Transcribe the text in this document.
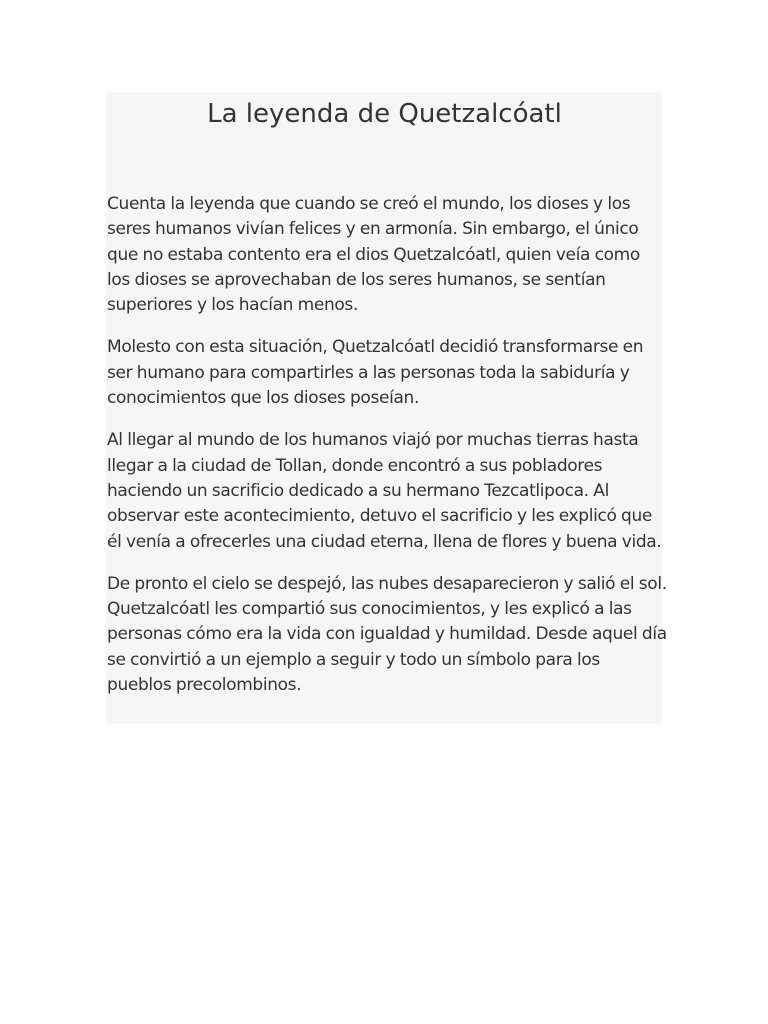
La leyenda de Quetzalcóatl

Cuenta la leyenda que cuando se creó el mundo, los dioses y los seres humanos vivían felices y en armonía. Sin embargo, el único que no estaba contento era el dios Quetzalcóatl, quien veía como los dioses se aprovechaban de los seres humanos, se sentían superiores y los hacían menos.

Molesto con esta situación, Quetzalcóatl decidió transformarse en ser humano para compartirles a las personas toda la sabiduría y conocimientos que los dioses poseían.

Al llegar al mundo de los humanos viajó por muchas tierras hasta llegar a la ciudad de Tollan, donde encontró a sus pobladores haciendo un sacrificio dedicado a su hermano Tezcatlipoca. Al observar este acontecimiento, detuvo el sacrificio y les explicó que él venía a ofrecerles una ciudad eterna, llena de flores y buena vida.

De pronto el cielo se despejó, las nubes desaparecieron y salió el sol. Quetzalcóatl les compartió sus conocimientos, y les explicó a las personas cómo era la vida con igualdad y humildad. Desde aquel día se convirtió a un ejemplo a seguir y todo un símbolo para los pueblos precolombinos.
